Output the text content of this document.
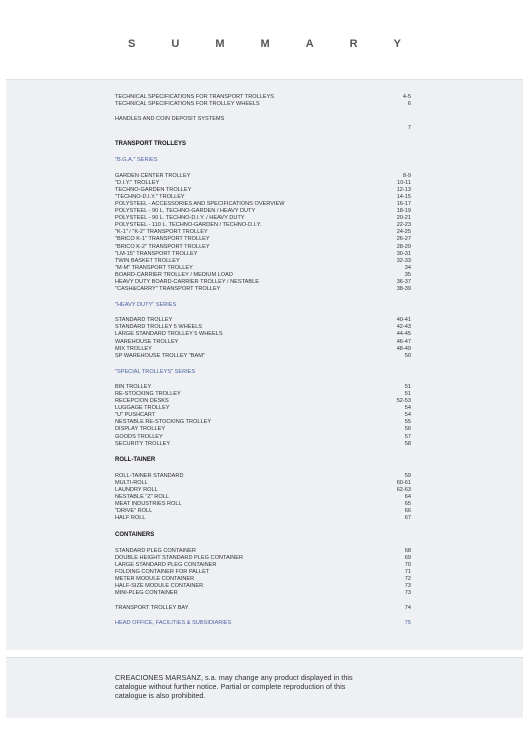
S	U	M	M	A	R	Y
TECHNICAL SPECIFICATIONS FOR TRANSPORT TROLLEYS	4-5
TECHNICAL SPECIFICATIONS FOR TROLLEY WHEELS	6
HANDLES AND COIN DEPOSIT SYSTEMS
7
TRANSPORT TROLLEYS
"B.G.A." SERIES
GARDEN CENTER TROLLEY	8-9
"D.I.Y." TROLLEY	10-11
TECHNO-GARDEN TROLLEY	12-13
"TECHNO-D.I.Y." TROLLEY	14-15
POLYSTEEL - ACCESSORIES AND SPECIFICATIONS OVERVIEW	16-17
POLYSTEEL - 90 L. TECHNO-GARDEN / HEAVY DUTY	18-19
POLYSTEEL - 90 L. TECHNO-D.I.Y. / HEAVY DUTY	20-21
POLYSTEEL - 110 L. TECHNO-GARDEN / TECHNO-D.I.Y.	22-23
"K-1" / "K-2" TRANSPORT TROLLEY	24-25
"BRICO K-1" TRANSPORT TROLLEY	26-27
"BRICO K-2" TRANSPORT TROLLEY	28-29
"LM-15" TRANSPORT TROLLEY	30-31
TWIN BASKET TROLLEY	32-33
"M-M" TRANSPORT TROLLEY	34
BOARD-CARRIER TROLLEY / MEDIUM LOAD	35
HEAVY DUTY BOARD-CARRIER TROLLEY / NESTABLE	36-37
"CASH&CARRY" TRANSPORT TROLLEY	38-39
"HEAVY DUTY" SERIES
STANDARD TROLLEY	40-41
STANDARD TROLLEY 5 WHEELS	42-43
LARGE STANDARD TROLLEY 5 WHEELS	44-45
WAREHOUSE TROLLEY	46-47
MIX TROLLEY	48-49
SP WAREHOUSE TROLLEY "BAM"	50
"SPECIAL TROLLEYS" SERIES
BIN TROLLEY	51
RE-STOCKING TROLLEY	51
RECEPCION DESKS	52-53
LUGGAGE TROLLEY	54
"U" PUSHCART	54
NESTABLE RE-STOCKING TROLLEY	55
DISPLAY TROLLEY	56
GOODS TROLLEY	57
SECURITY TROLLEY	58
ROLL-TAINER
ROLL-TAINER STANDARD	59
MULTI-ROLL	60-61
LAUNDRY ROLL	62-63
NESTABLE "Z" ROLL	64
MEAT INDUSTRIES ROLL	65
"DRIVE" ROLL	66
HALF ROLL	67
CONTAINERS
STANDARD PLEG CONTAINER	68
DOUBLE HEIGHT STANDARD PLEG CONTAINER	69
LARGE STANDARD PLEG CONTAINER	70
FOLDING CONTAINER FOR PALLET	71
METER MODULE CONTAINER	72
HALF-SIZE MODULE CONTAINER	73
MINI-PLEG CONTAINER	73
TRANSPORT TROLLEY BAY	74
HEAD OFFICE, FACILITIES & SUBSIDIARIES	75
CREACIONES MARSANZ, s.a. may change any product displayed in this
catalogue without further notice. Partial or complete reproduction of this
catalogue is also prohibited.
